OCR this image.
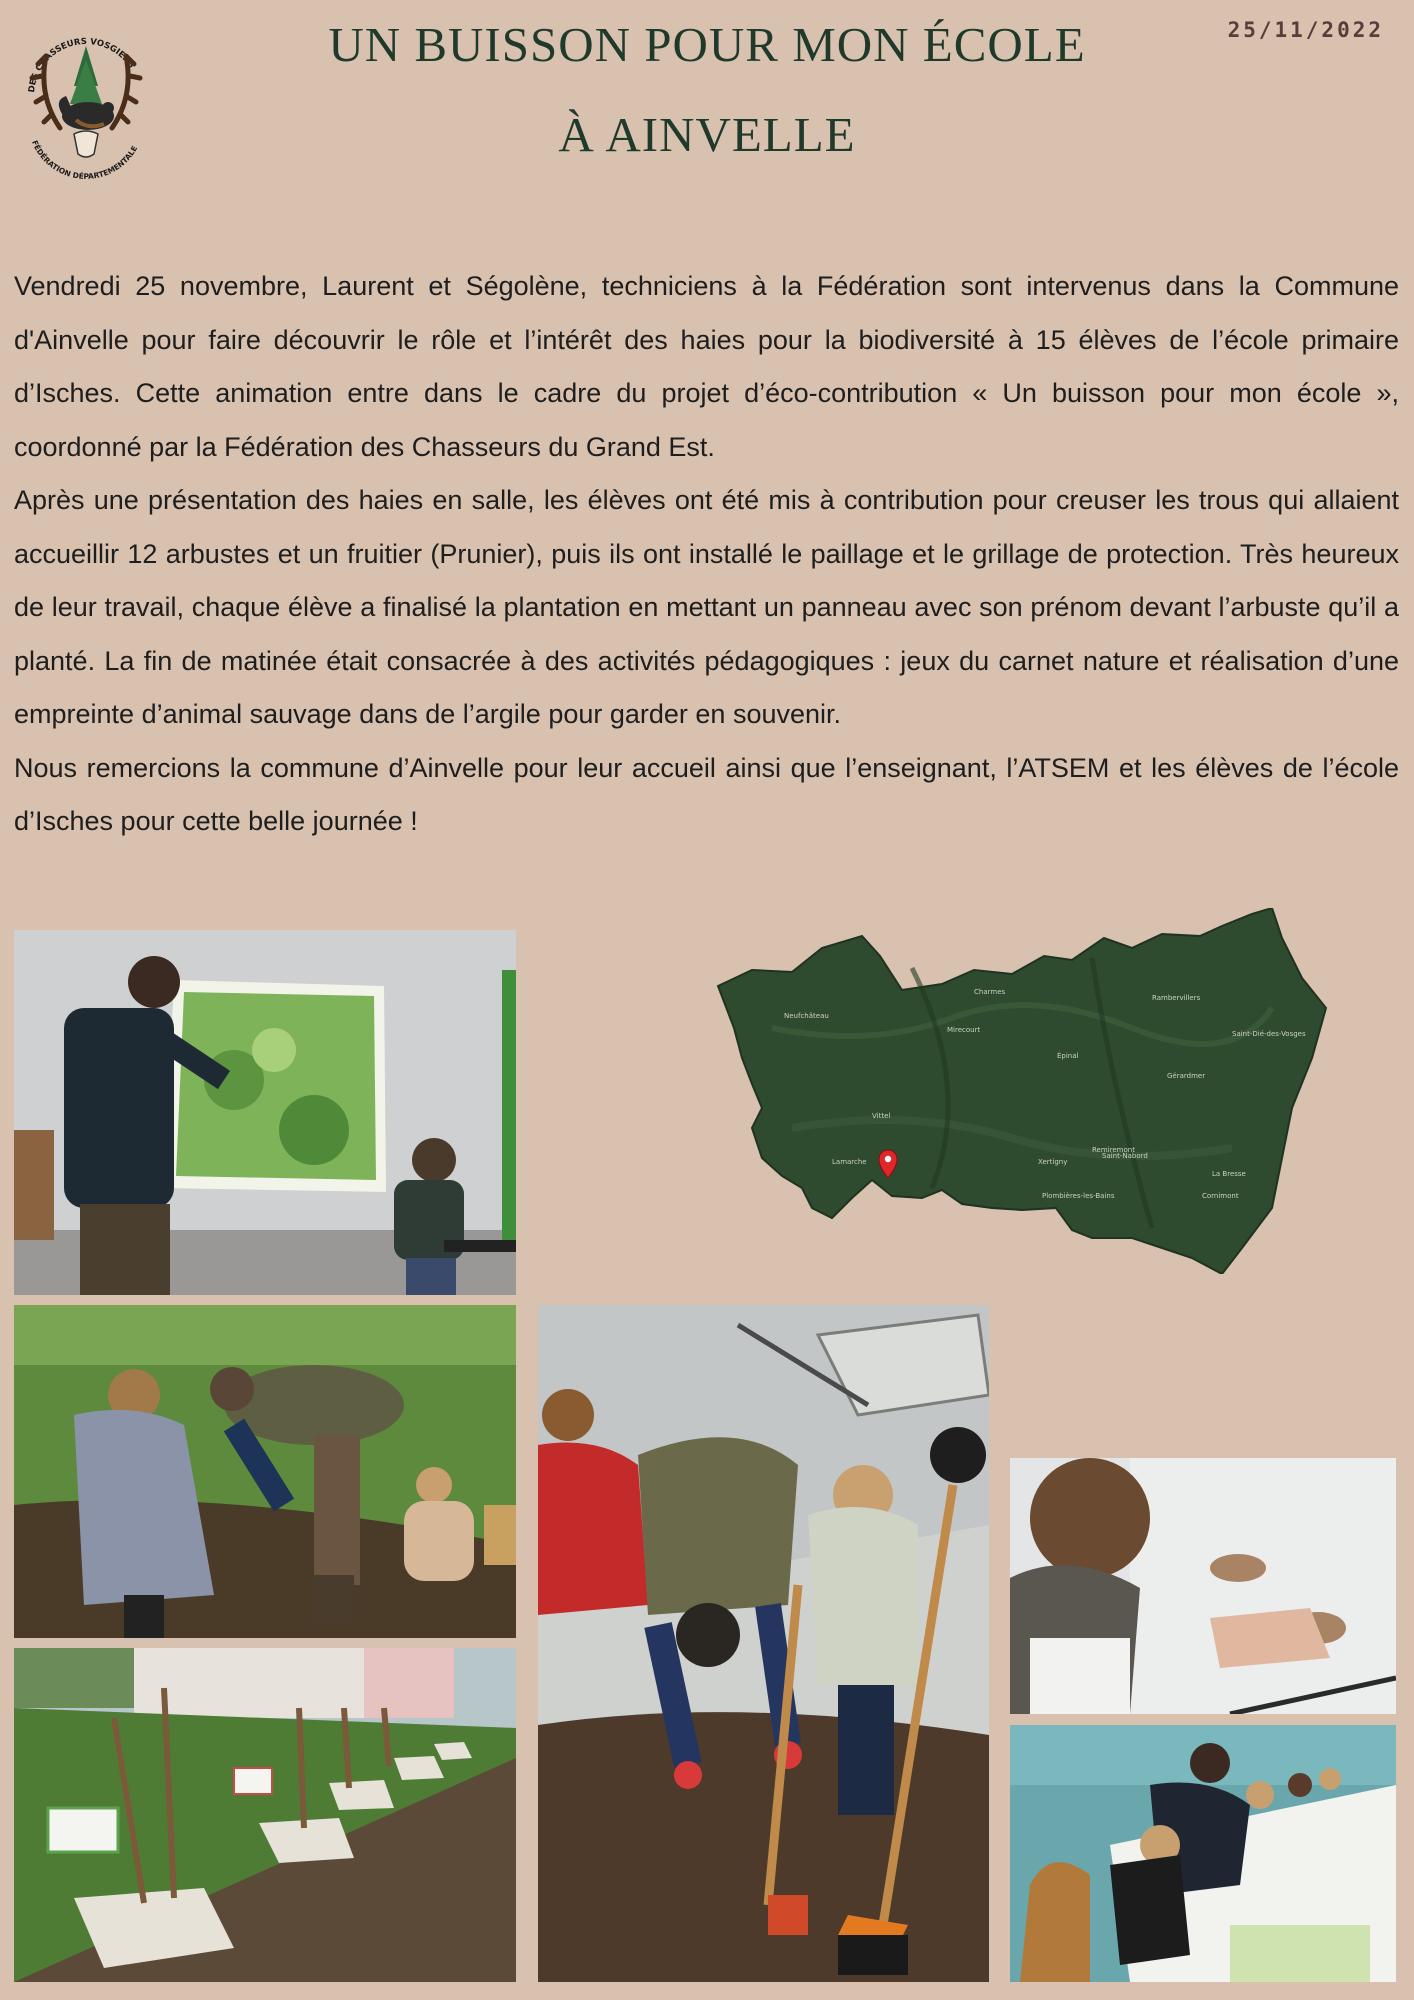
DES CHASSEURS VOSGIENS
FÉDÉRATION DÉPARTEMENTALE
UN BUISSON POUR MON ÉCOLE
À AINVELLE
25/11/2022

Vendredi 25 novembre, Laurent et Ségolène, techniciens à la Fédération sont intervenus dans la Commune d'Ainvelle pour faire découvrir le rôle et l’intérêt des haies pour la biodiversité à 15 élèves de l’école primaire d’Isches. Cette animation entre dans le cadre du projet d’éco-contribution « Un buisson pour mon école », coordonné par la Fédération des Chasseurs du Grand Est.

Après une présentation des haies en salle, les élèves ont été mis à contribution pour creuser les trous qui allaient accueillir 12 arbustes et un fruitier (Prunier), puis ils ont installé le paillage et le grillage de protection. Très heureux de leur travail, chaque élève a finalisé la plantation en mettant un panneau avec son prénom devant l’arbuste qu’il a planté. La fin de matinée était consacrée à des activités pédagogiques : jeux du carnet nature et réalisation d’une empreinte d’animal sauvage dans de l’argile pour garder en souvenir.

Nous remercions la commune d’Ainvelle pour leur accueil ainsi que l’enseignant, l’ATSEM et les élèves de l’école d’Isches pour cette belle journée !

Neufchâteau
Mirecourt
Épinal
Saint-Dié-des-Vosges
Gérardmer
Remiremont
Xertigny
Plombières-les-Bains
Lamarche
Charmes
Rambervillers
Saint-Nabord
La Bresse
Cornimont
Vittel
